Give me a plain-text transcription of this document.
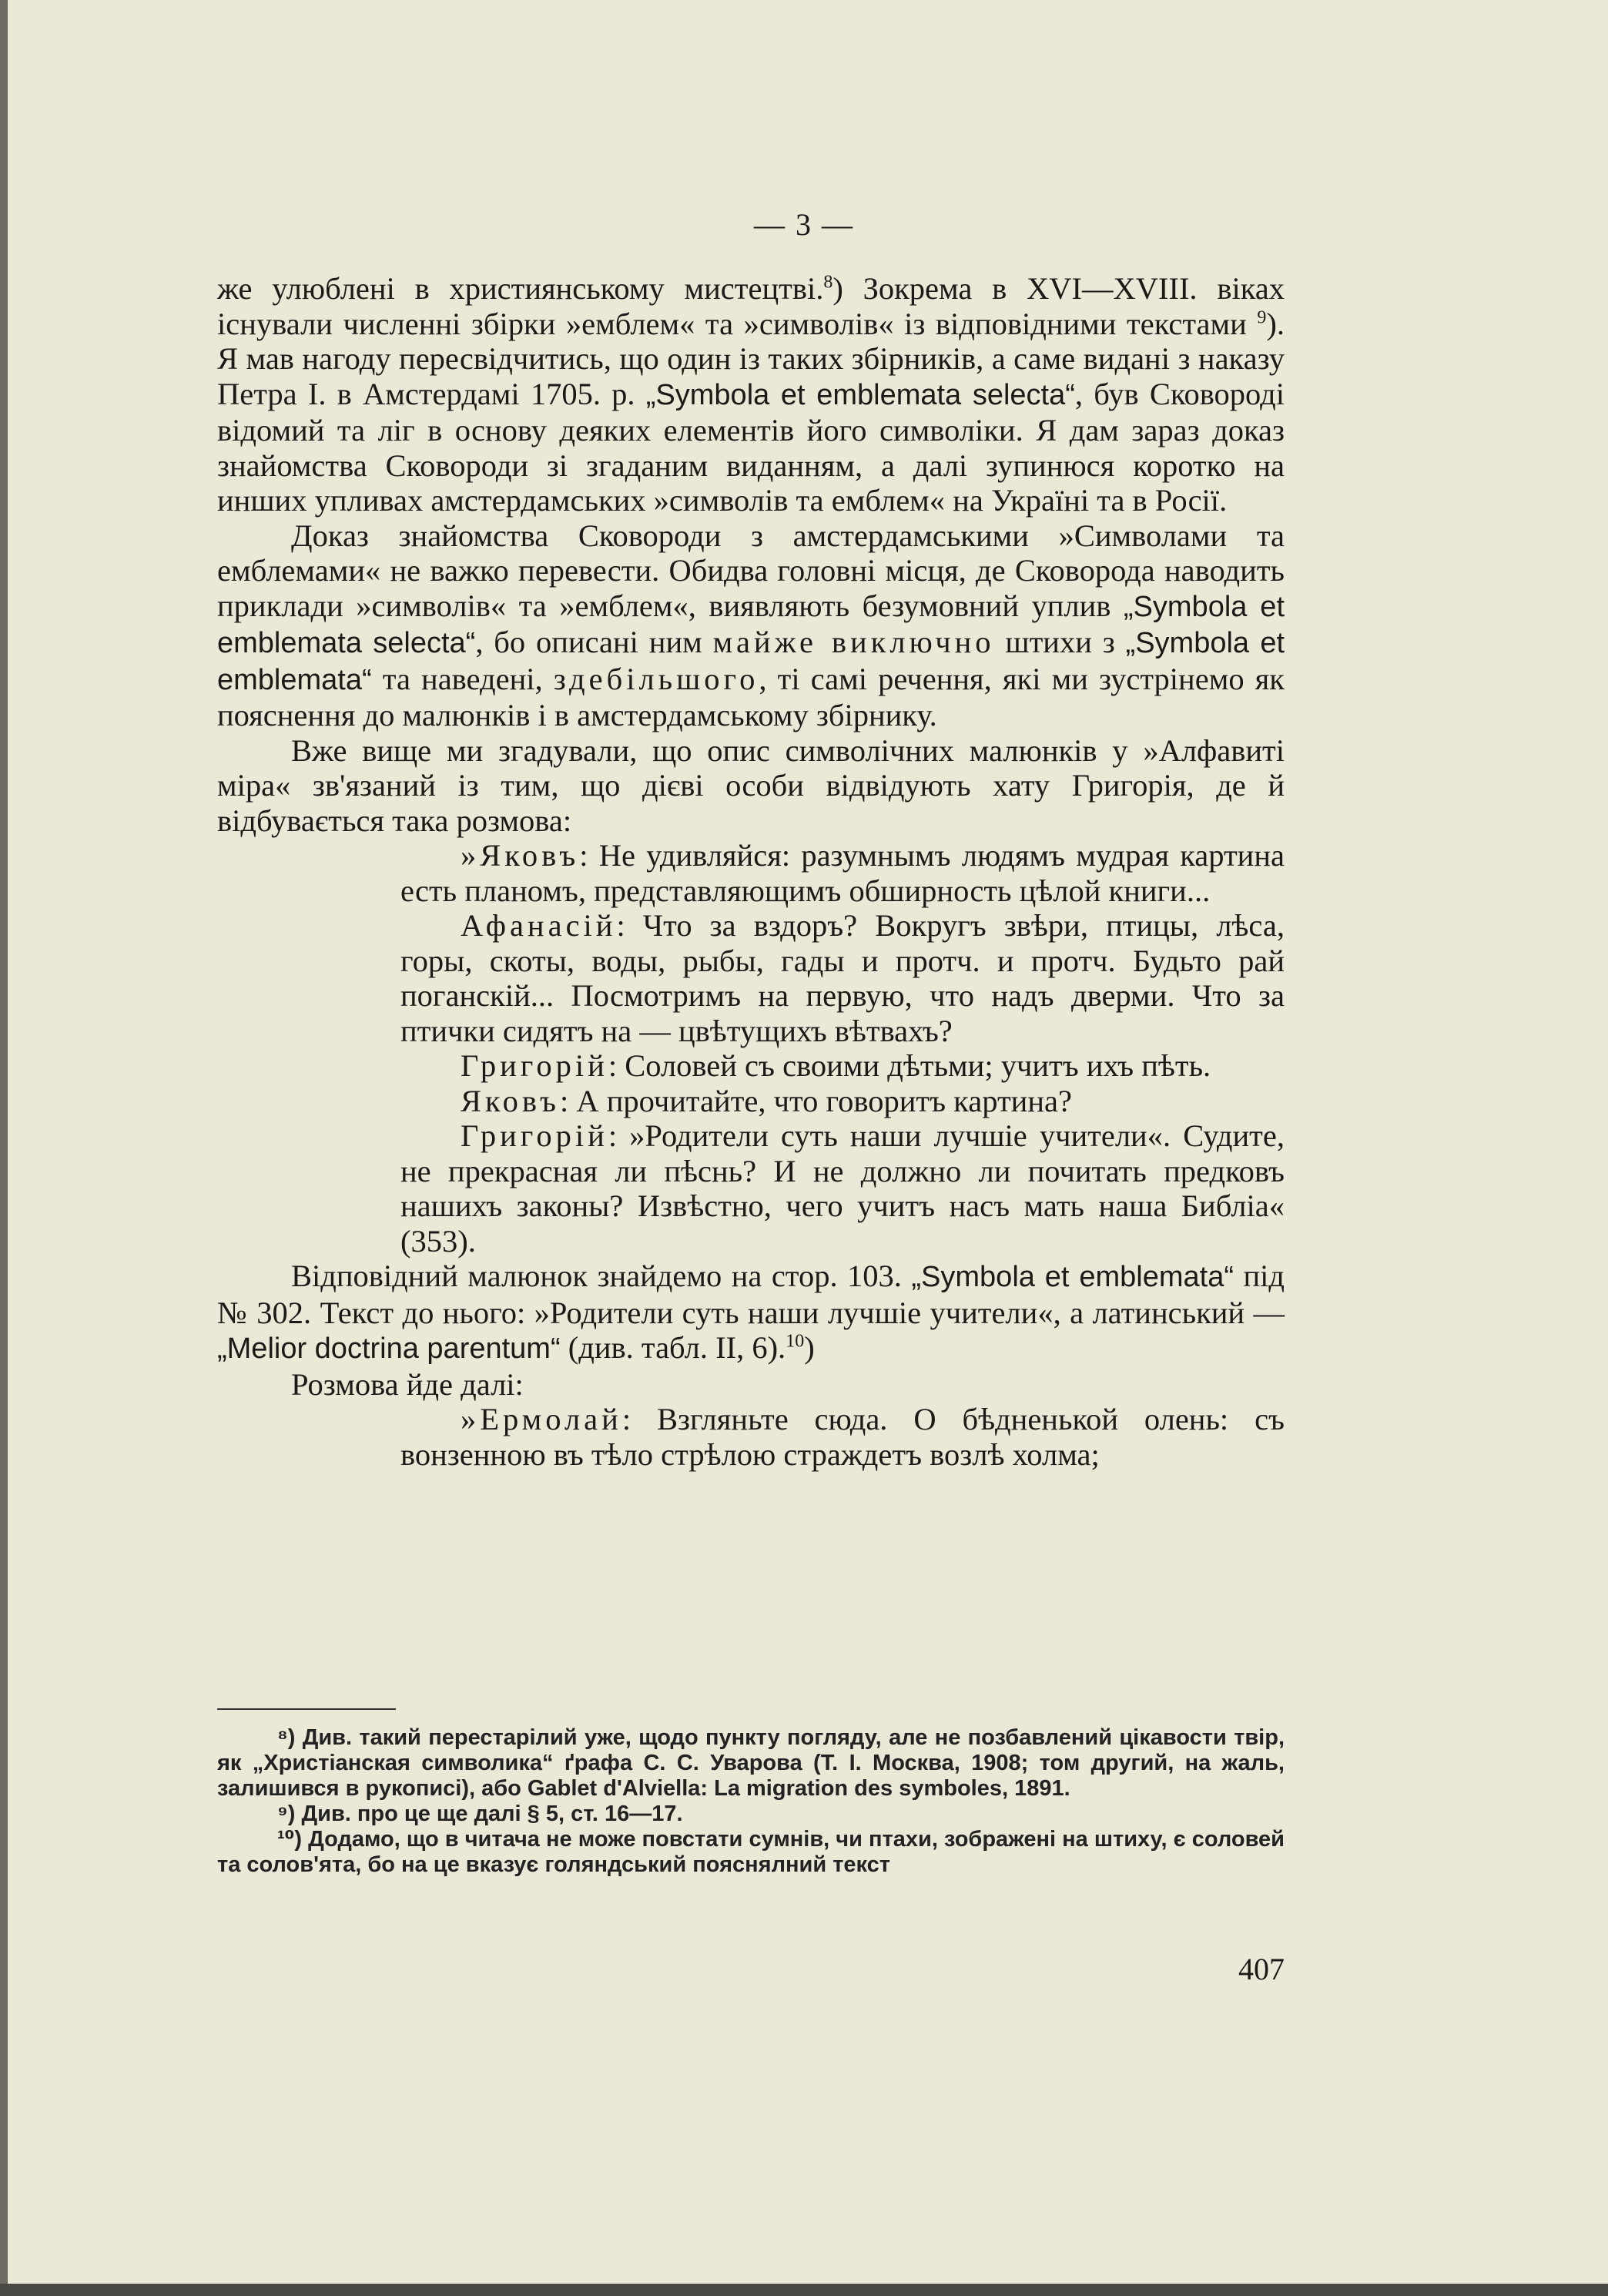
— 3 —

же улюблені в християнському мистецтві.$^8$) Зокрема в XVI—XVIII. віках існували численні збірки »емблем« та »символів« із відповідними текстами $^9$). Я мав нагоду пересвідчитись, що один із таких збірників, а саме видані з наказу Петра I. в Амстердамі 1705. р. „Symbola et emblemata selecta“, був Сковороді відомий та ліг в основу деяких елементів його символіки. Я дам зараз доказ знайомства Сковороди зі згаданим виданням, а далі зупинюся коротко на инших упливах амстердамських »символів та емблем« на Україні та в Росії.

Доказ знайомства Сковороди з амстердамськими »Символами та емблемами« не важко перевести. Обидва головні місця, де Сковорода наводить приклади »символів« та »емблем«, виявляють безумовний уплив „Symbola et emblemata selecta“, бо описані ним майже виключно штихи з „Symbola et emblemata“ та наведені, здебільшого, ті самі речення, які ми зустрінемо як пояснення до малюнків і в амстердамському збірнику.

Вже вище ми згадували, що опис символічних малюнків у »Алфавиті міра« зв'язаний із тим, що дієві особи відвідують хату Григорія, де й відбувається така розмова:

»Яковъ: Не удивляйся: разумнымъ людямъ мудрая картина есть планомъ, представляющимъ обширность цѣлой книги...

Афанасій: Что за вздоръ? Вокругъ звѣри, птицы, лѣса, горы, скоты, воды, рыбы, гады и протч. и протч. Будьто рай поганскій... Посмотримъ на первую, что надъ дверми. Что за птички сидятъ на — цвѣтущихъ вѣтвахъ?

Григорій: Соловей съ своими дѣтьми; учитъ ихъ пѣть.

Яковъ: А прочитайте, что говоритъ картина?

Григорій: »Родители суть наши лучшіе учители«. Судите, не прекрасная ли пѣснь? И не должно ли почитать предковъ нашихъ законы? Извѣстно, чего учитъ насъ мать наша Библіа« (353).

Відповідний малюнок знайдемо на стор. 103. „Symbola et emblemata“ під № 302. Текст до нього: »Родители суть наши лучшіе учители«, а латинський — „Melior doctrina parentum“ (див. табл. II, 6).$^{10}$)

Розмова йде далі:

»Ермолай: Взгляньте сюда. О бѣдненькой олень: съ вонзенною въ тѣло стрѣлою страждетъ возлѣ холма;

⁸) Див. такий перестарілий уже, щодо пункту погляду, але не позбавлений цікавости твір, як „Христіанская символика“ ґрафа С. С. Уварова (Т. I. Москва, 1908; том другий, на жаль, залишився в рукописі), або Gablet d'Alviella: La migration des symboles, 1891.

⁹) Див. про це ще далі § 5, ст. 16—17.

¹⁰) Додамо, що в читача не може повстати сумнів, чи птахи, зображені на штиху, є соловей та солов'ята, бо на це вказує голяндський пояснялний текст

407
